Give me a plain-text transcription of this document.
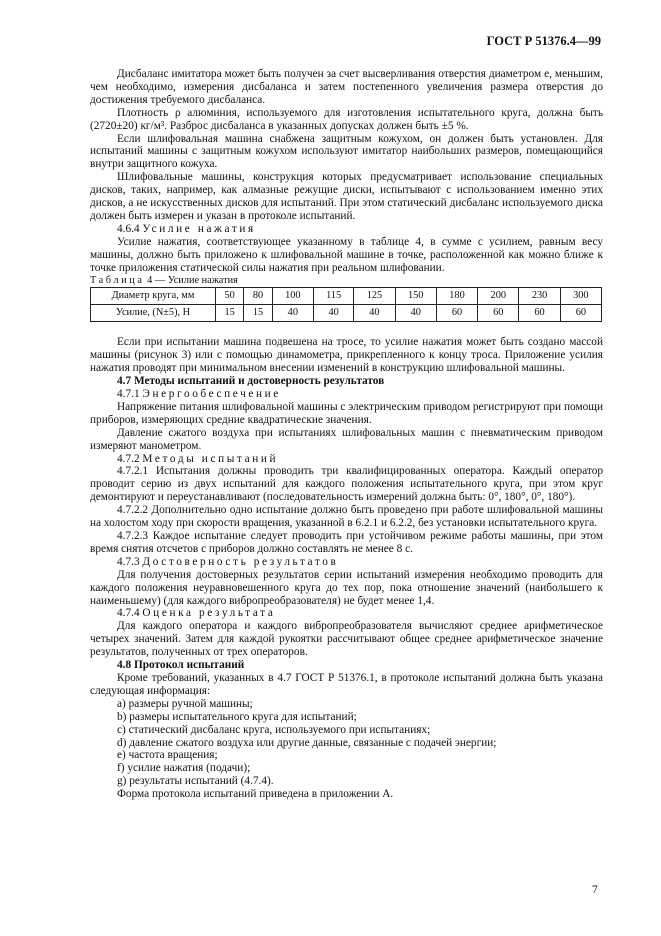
ГОСТ Р 51376.4—99

Дисбаланс имитатора может быть получен за счет высверливания отверстия диаметром e, меньшим, чем необходимо, измерения дисбаланса и затем постепенного увеличения размера отверстия до достижения требуемого дисбаланса.

Плотность ρ алюминия, используемого для изготовления испытательного круга, должна быть (2720±20) кг/м³. Разброс дисбаланса в указанных допусках должен быть ±5 %.

Если шлифовальная машина снабжена защитным кожухом, он должен быть установлен. Для испытаний машины с защитным кожухом используют имитатор наибольших размеров, помещающийся внутри защитного кожуха.

Шлифовальные машины, конструкция которых предусматривает использование специальных дисков, таких, например, как алмазные режущие диски, испытывают с использованием именно этих дисков, а не искусственных дисков для испытаний. При этом статический дисбаланс используемого диска должен быть измерен и указан в протоколе испытаний.

4.6.4 Усилие нажатия

Усилие нажатия, соответствующее указанному в таблице 4, в сумме с усилием, равным весу машины, должно быть приложено к шлифовальной машине в точке, расположенной как можно ближе к точке приложения статической силы нажатия при реальном шлифовании.

Таблица 4 — Усилие нажатия

Диаметр круга, мм	50	80	100	115	125	150	180	200	230	300
Усилие, (N±5), Н	15	15	40	40	40	40	60	60	60	60

Если при испытании машина подвешена на тросе, то усилие нажатия может быть создано массой машины (рисунок 3) или с помощью динамометра, прикрепленного к концу троса. Приложение усилия нажатия проводят при минимальном внесении изменений в конструкцию шлифовальной машины.

4.7 Методы испытаний и достоверность результатов

4.7.1 Энергообеспечение

Напряжение питания шлифовальной машины с электрическим приводом регистрируют при помощи приборов, измеряющих средние квадратические значения.

Давление сжатого воздуха при испытаниях шлифовальных машин с пневматическим приводом измеряют манометром.

4.7.2 Методы испытаний

4.7.2.1 Испытания должны проводить три квалифицированных оператора. Каждый оператор проводит серию из двух испытаний для каждого положения испытательного круга, при этом круг демонтируют и переустанавливают (последовательность измерений должна быть: 0°, 180°, 0°, 180°).

4.7.2.2 Дополнительно одно испытание должно быть проведено при работе шлифовальной машины на холостом ходу при скорости вращения, указанной в 6.2.1 и 6.2.2, без установки испытательного круга.

4.7.2.3 Каждое испытание следует проводить при устойчивом режиме работы машины, при этом время снятия отсчетов с приборов должно составлять не менее 8 с.

4.7.3 Достоверность результатов

Для получения достоверных результатов серии испытаний измерения необходимо проводить для каждого положения неуравновешенного круга до тех пор, пока отношение значений (наибольшего к наименьшему) (для каждого вибропреобразователя) не будет менее 1,4.

4.7.4 Оценка результата

Для каждого оператора и каждого вибропреобразователя вычисляют среднее арифметическое четырех значений. Затем для каждой рукоятки рассчитывают общее среднее арифметическое значение результатов, полученных от трех операторов.

4.8 Протокол испытаний

Кроме требований, указанных в 4.7 ГОСТ Р 51376.1, в протоколе испытаний должна быть указана следующая информация:

a) размеры ручной машины;

b) размеры испытательного круга для испытаний;

c) статический дисбаланс круга, используемого при испытаниях;

d) давление сжатого воздуха или другие данные, связанные с подачей энергии;

e) частота вращения;

f) усилие нажатия (подачи);

g) результаты испытаний (4.7.4).

Форма протокола испытаний приведена в приложении А.

7
